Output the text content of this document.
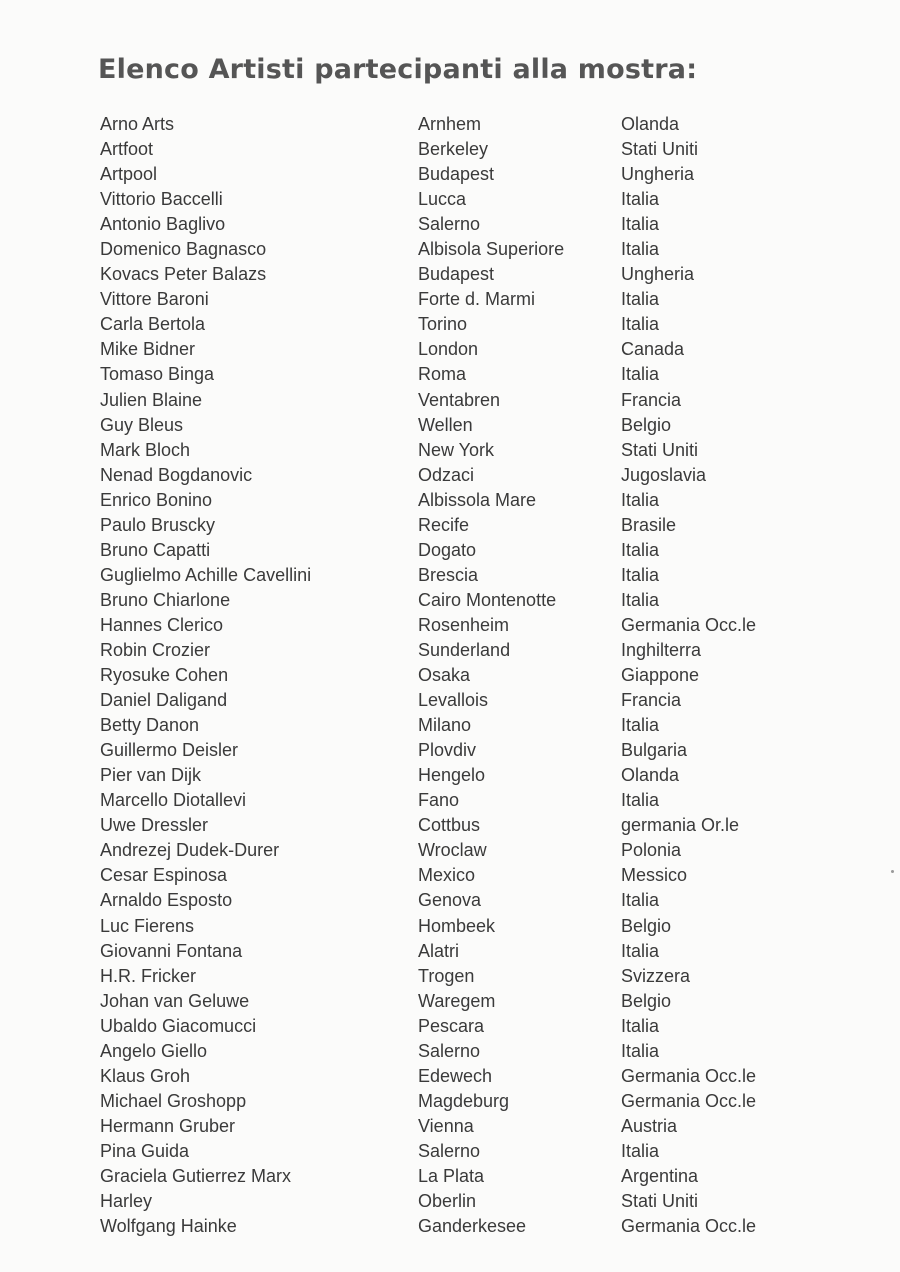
Elenco Artisti partecipanti alla mostra:
Arno Arts	Arnhem	Olanda
Artfoot	Berkeley	Stati Uniti
Artpool	Budapest	Ungheria
Vittorio Baccelli	Lucca	Italia
Antonio Baglivo	Salerno	Italia
Domenico Bagnasco	Albisola Superiore	Italia
Kovacs Peter Balazs	Budapest	Ungheria
Vittore Baroni	Forte d. Marmi	Italia
Carla Bertola	Torino	Italia
Mike Bidner	London	Canada
Tomaso Binga	Roma	Italia
Julien Blaine	Ventabren	Francia
Guy Bleus	Wellen	Belgio
Mark Bloch	New York	Stati Uniti
Nenad Bogdanovic	Odzaci	Jugoslavia
Enrico Bonino	Albissola Mare	Italia
Paulo Bruscky	Recife	Brasile
Bruno Capatti	Dogato	Italia
Guglielmo Achille Cavellini	Brescia	Italia
Bruno Chiarlone	Cairo Montenotte	Italia
Hannes Clerico	Rosenheim	Germania Occ.le
Robin Crozier	Sunderland	Inghilterra
Ryosuke Cohen	Osaka	Giappone
Daniel Daligand	Levallois	Francia
Betty Danon	Milano	Italia
Guillermo Deisler	Plovdiv	Bulgaria
Pier van Dijk	Hengelo	Olanda
Marcello Diotallevi	Fano	Italia
Uwe Dressler	Cottbus	germania Or.le
Andrezej Dudek-Durer	Wroclaw	Polonia
Cesar Espinosa	Mexico	Messico
Arnaldo Esposto	Genova	Italia
Luc Fierens	Hombeek	Belgio
Giovanni Fontana	Alatri	Italia
H.R. Fricker	Trogen	Svizzera
Johan van Geluwe	Waregem	Belgio
Ubaldo Giacomucci	Pescara	Italia
Angelo Giello	Salerno	Italia
Klaus Groh	Edewech	Germania Occ.le
Michael Groshopp	Magdeburg	Germania Occ.le
Hermann Gruber	Vienna	Austria
Pina Guida	Salerno	Italia
Graciela Gutierrez Marx	La Plata	Argentina
Harley	Oberlin	Stati Uniti
Wolfgang Hainke	Ganderkesee	Germania Occ.le
